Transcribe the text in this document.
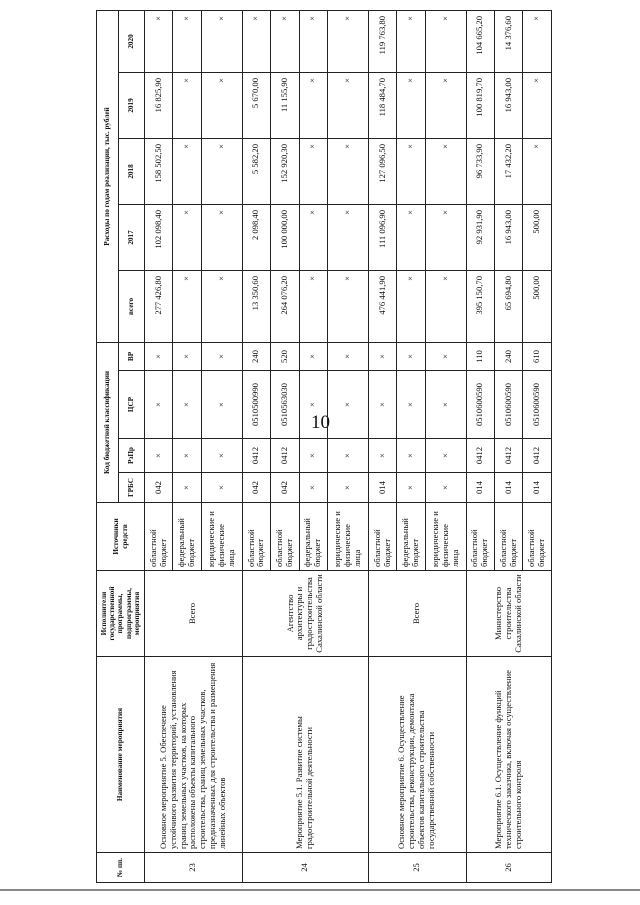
10
№ пп.	Наименование мероприятия	Исполнители государственной программы, подпрограммы, мероприятия	Источники средств	Код бюджетной классификации				Расходы по годам реализации, тыс. рублей				
				ГРБС	РзПр	ЦСР	ВР	всего	2017	2018	2019	2020
23	Основное мероприятие 5. Обеспечение устойчивого развития территорий, установления границ земельных участков, на которых расположены объекты капитального строительства, границ земельных участков, предназначенных для строительства и размещения линейных объектов	Всего	областной бюджет	042	×	×	×	277 426,80	102 098,40	158 502,50	16 825,90	×
			федеральный бюджет	×	×	×	×	×	×	×	×	×
			юридические и физические лица	×	×	×	×	×	×	×	×	×
24	Мероприятие 5.1. Развитие системы градостроительной деятельности	Агентство архитектуры и градостроительства Сахалинской области	областной бюджет	042	0412	0510500990	240	13 350,60	2 098,40	5 582,20	5 670,00	×
			областной бюджет	042	0412	0510563030	520	264 076,20	100 000,00	152 920,30	11 155,90	×
			федеральный бюджет	×	×	×	×	×	×	×	×	×
			юридические и физические лица	×	×	×	×	×	×	×	×	×
25	Основное мероприятие 6. Осуществление строительства, реконструкции, демонтажа объектов капитального строительства государственной собственности	Всего	областной бюджет	014	×	×	×	476 441,90	111 096,90	127 096,50	118 484,70	119 763,80
			федеральный бюджет	×	×	×	×	×	×	×	×	×
			юридические и физические лица	×	×	×	×	×	×	×	×	×
26	Мероприятие 6.1. Осуществление функций технического заказчика, включая осуществление строительного контроля	Министерство строительства Сахалинской области	областной бюджет	014	0412	0510600590	110	395 150,70	92 931,90	96 733,90	100 819,70	104 665,20
			областной бюджет	014	0412	0510600590	240	65 694,80	16 943,00	17 432,20	16 943,00	14 376,60
			областной бюджет	014	0412	0510600590	610	500,00	500,00	×	×	×
